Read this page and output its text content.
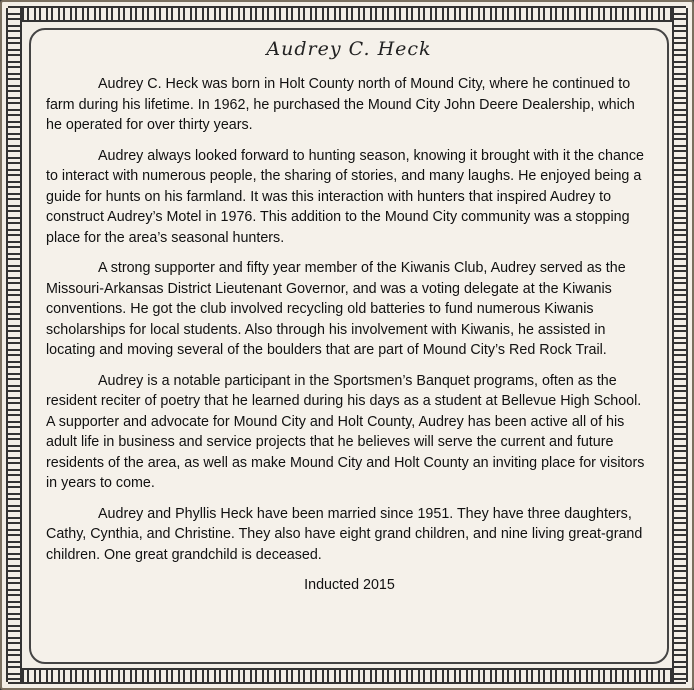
Audrey C. Heck

Audrey C. Heck was born in Holt County north of Mound City, where he continued to farm during his lifetime. In 1962, he purchased the Mound City John Deere Dealership, which he operated for over thirty years.

Audrey always looked forward to hunting season, knowing it brought with it the chance to interact with numerous people, the sharing of stories, and many laughs. He enjoyed being a guide for hunts on his farmland. It was this interaction with hunters that inspired Audrey to construct Audrey’s Motel in 1976. This addition to the Mound City community was a stopping place for the area’s seasonal hunters.

A strong supporter and fifty year member of the Kiwanis Club, Audrey served as the Missouri-Arkansas District Lieutenant Governor, and was a voting delegate at the Kiwanis conventions. He got the club involved recycling old batteries to fund numerous Kiwanis scholarships for local students. Also through his involvement with Kiwanis, he assisted in locating and moving several of the boulders that are part of Mound City’s Red Rock Trail.

Audrey is a notable participant in the Sportsmen’s Banquet programs, often as the resident reciter of poetry that he learned during his days as a student at Bellevue High School. A supporter and advocate for Mound City and Holt County, Audrey has been active all of his adult life in business and service projects that he believes will serve the current and future residents of the area, as well as make Mound City and Holt County an inviting place for visitors in years to come.

Audrey and Phyllis Heck have been married since 1951. They have three daughters, Cathy, Cynthia, and Christine. They also have eight grand children, and nine living great-grand children. One great grandchild is deceased.

Inducted 2015
